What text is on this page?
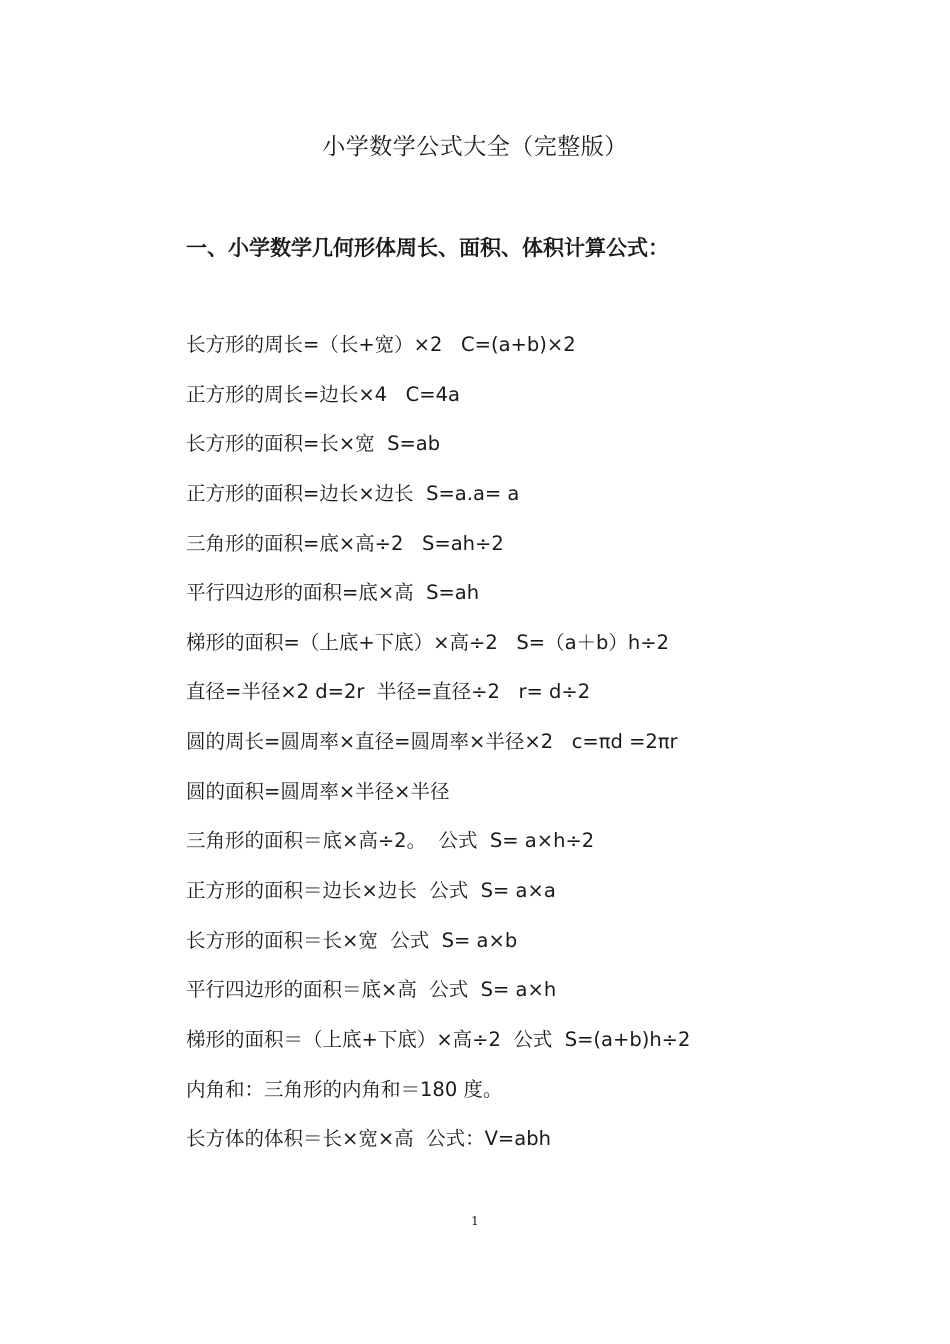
小学数学公式大全（完整版）
一、小学数学几何形体周长、面积、体积计算公式：
长方形的周长=（长+宽）×2   C=(a+b)×2
正方形的周长=边长×4   C=4a
长方形的面积=长×宽  S=ab
正方形的面积=边长×边长  S=a.a= a
三角形的面积=底×高÷2   S=ah÷2
平行四边形的面积=底×高  S=ah
梯形的面积=（上底+下底）×高÷2   S=（a＋b）h÷2
直径=半径×2 d=2r  半径=直径÷2   r= d÷2
圆的周长=圆周率×直径=圆周率×半径×2   c=πd =2πr
圆的面积=圆周率×半径×半径
三角形的面积＝底×高÷2。  公式  S= a×h÷2
正方形的面积＝边长×边长  公式  S= a×a
长方形的面积＝长×宽  公式  S= a×b
平行四边形的面积＝底×高  公式  S= a×h
梯形的面积＝（上底+下底）×高÷2  公式  S=(a+b)h÷2
内角和：三角形的内角和＝180 度。
长方体的体积＝长×宽×高  公式：V=abh
1
